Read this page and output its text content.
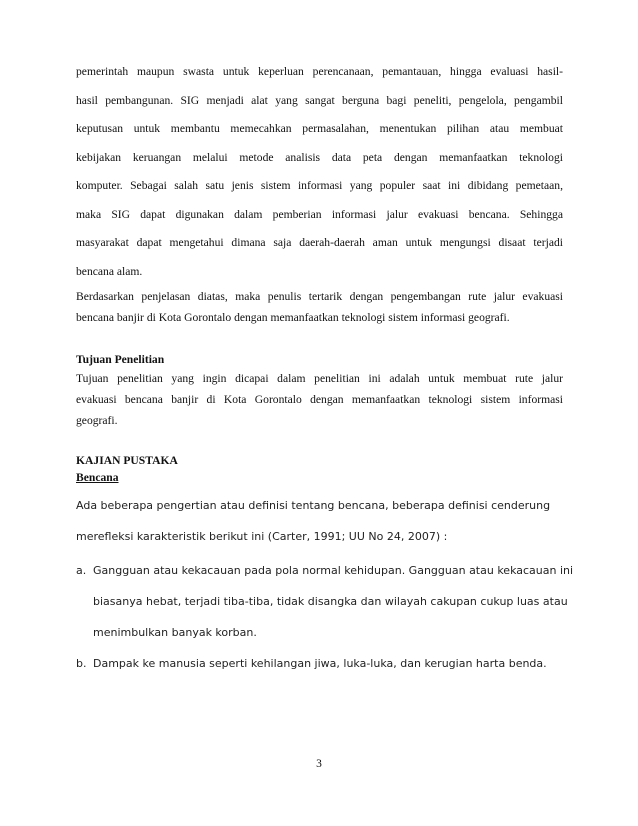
pemerintah maupun swasta untuk keperluan perencanaan, pemantauan, hingga evaluasi hasil-
hasil pembangunan. SIG menjadi alat yang sangat berguna bagi peneliti, pengelola, pengambil
keputusan untuk membantu memecahkan permasalahan, menentukan pilihan atau membuat
kebijakan keruangan melalui metode analisis data peta dengan memanfaatkan teknologi
komputer. Sebagai salah satu jenis sistem informasi yang populer saat ini dibidang pemetaan,
maka SIG dapat digunakan dalam pemberian informasi jalur evakuasi bencana. Sehingga
masyarakat dapat mengetahui dimana saja daerah-daerah aman untuk mengungsi disaat terjadi
bencana alam.

Berdasarkan penjelasan diatas, maka penulis tertarik dengan pengembangan rute jalur evakuasi
bencana banjir di Kota Gorontalo dengan memanfaatkan teknologi sistem informasi geografi.

Tujuan Penelitian

Tujuan penelitian yang ingin dicapai dalam penelitian ini adalah untuk membuat rute jalur
evakuasi bencana banjir di Kota Gorontalo dengan memanfaatkan teknologi sistem informasi
geografi.

KAJIAN PUSTAKA

Bencana

Ada beberapa pengertian atau definisi tentang bencana, beberapa definisi cenderung
merefleksi karakteristik berikut ini (Carter, 1991; UU No 24, 2007) :

a. Gangguan atau kekacauan pada pola normal kehidupan. Gangguan atau kekacauan ini
biasanya hebat, terjadi tiba-tiba, tidak disangka dan wilayah cakupan cukup luas atau
menimbulkan banyak korban.
b. Dampak ke manusia seperti kehilangan jiwa, luka-luka, dan kerugian harta benda.
3
